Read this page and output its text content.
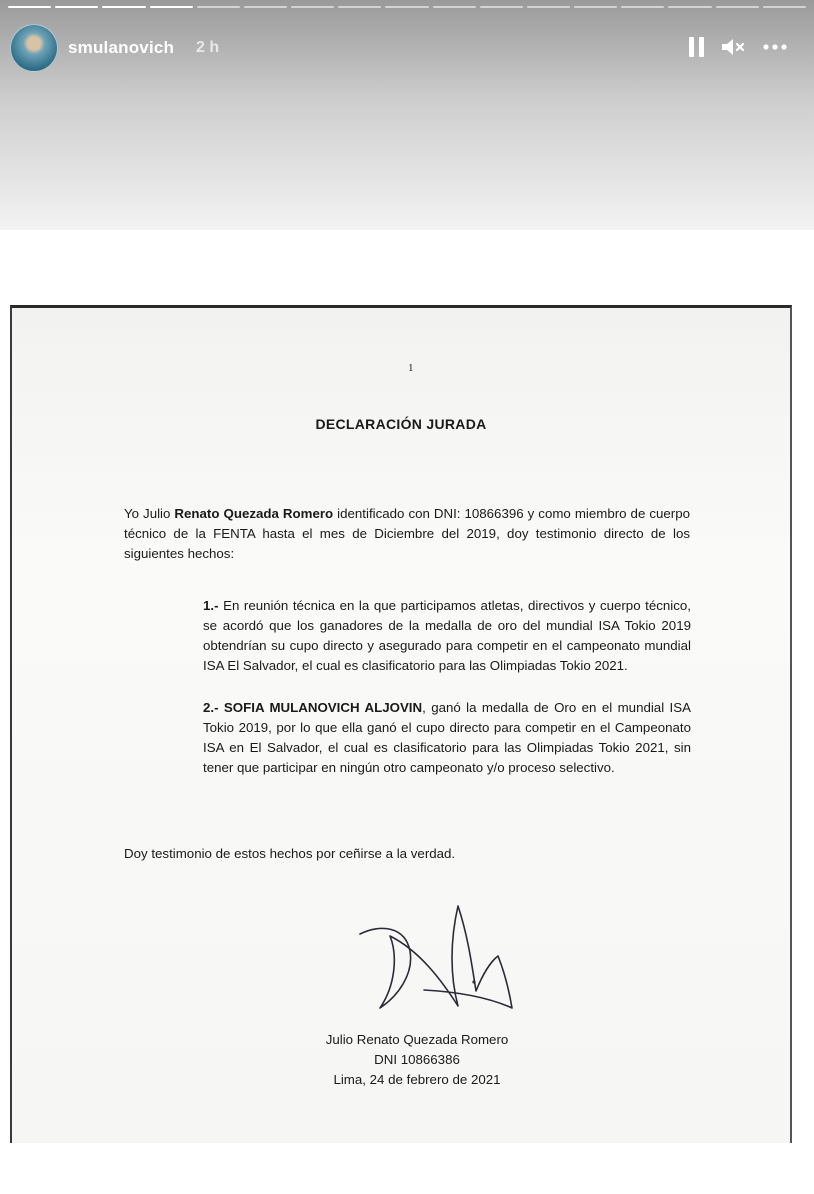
smulanovich 2 h
1
DECLARACIÓN JURADA
Yo Julio Renato Quezada Romero identificado con DNI: 10866396 y como miembro de cuerpo técnico de la FENTA hasta el mes de Diciembre del 2019, doy testimonio directo de los siguientes hechos:
1.- En reunión técnica en la que participamos atletas, directivos y cuerpo técnico, se acordó que los ganadores de la medalla de oro del mundial ISA Tokio 2019 obtendrían su cupo directo y asegurado para competir en el campeonato mundial ISA El Salvador, el cual es clasificatorio para las Olimpiadas Tokio 2021.
2.- SOFIA MULANOVICH ALJOVIN, ganó la medalla de Oro en el mundial ISA Tokio 2019, por lo que ella ganó el cupo directo para competir en el Campeonato ISA en El Salvador, el cual es clasificatorio para las Olimpiadas Tokio 2021, sin tener que participar en ningún otro campeonato y/o proceso selectivo.
Doy testimonio de estos hechos por ceñirse a la verdad.
Julio Renato Quezada Romero
DNI 10866386
Lima, 24 de febrero de 2021
